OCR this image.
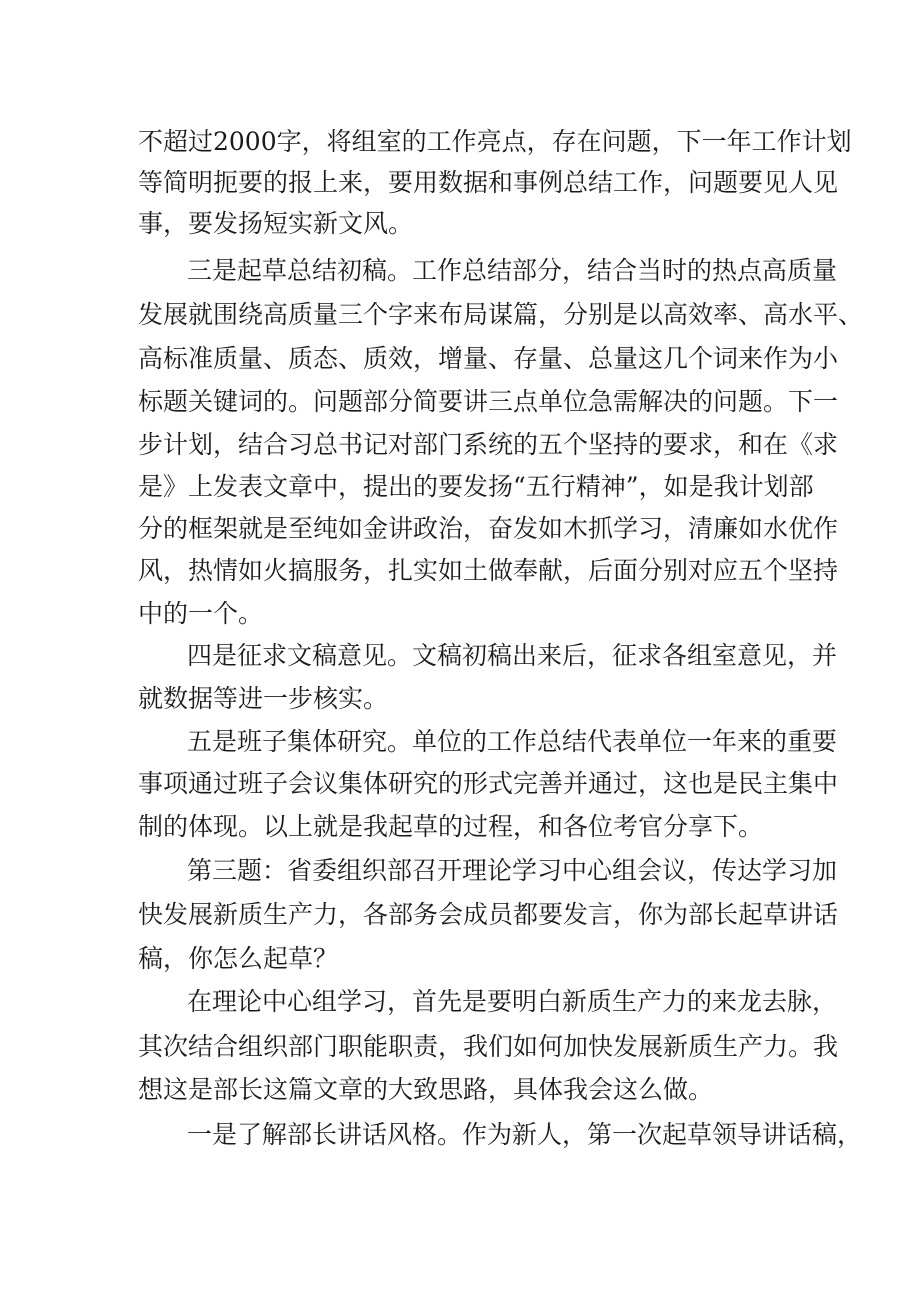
不超过2000字，将组室的工作亮点，存在问题，下一年工作计划
等简明扼要的报上来，要用数据和事例总结工作，问题要见人见
事，要发扬短实新文风。
三是起草总结初稿。工作总结部分，结合当时的热点高质量
发展就围绕高质量三个字来布局谋篇，分别是以高效率、高水平、
高标准质量、质态、质效，增量、存量、总量这几个词来作为小
标题关键词的。问题部分简要讲三点单位急需解决的问题。下一
步计划，结合习总书记对部门系统的五个坚持的要求，和在《求
是》上发表文章中，提出的要发扬“五行精神”，如是我计划部
分的框架就是至纯如金讲政治，奋发如木抓学习，清廉如水优作
风，热情如火搞服务，扎实如土做奉献，后面分别对应五个坚持
中的一个。
四是征求文稿意见。文稿初稿出来后，征求各组室意见，并
就数据等进一步核实。
五是班子集体研究。单位的工作总结代表单位一年来的重要
事项通过班子会议集体研究的形式完善并通过，这也是民主集中
制的体现。以上就是我起草的过程，和各位考官分享下。
第三题：省委组织部召开理论学习中心组会议，传达学习加
快发展新质生产力，各部务会成员都要发言，你为部长起草讲话
稿，你怎么起草？
在理论中心组学习，首先是要明白新质生产力的来龙去脉，
其次结合组织部门职能职责，我们如何加快发展新质生产力。我
想这是部长这篇文章的大致思路，具体我会这么做。
一是了解部长讲话风格。作为新人，第一次起草领导讲话稿，
